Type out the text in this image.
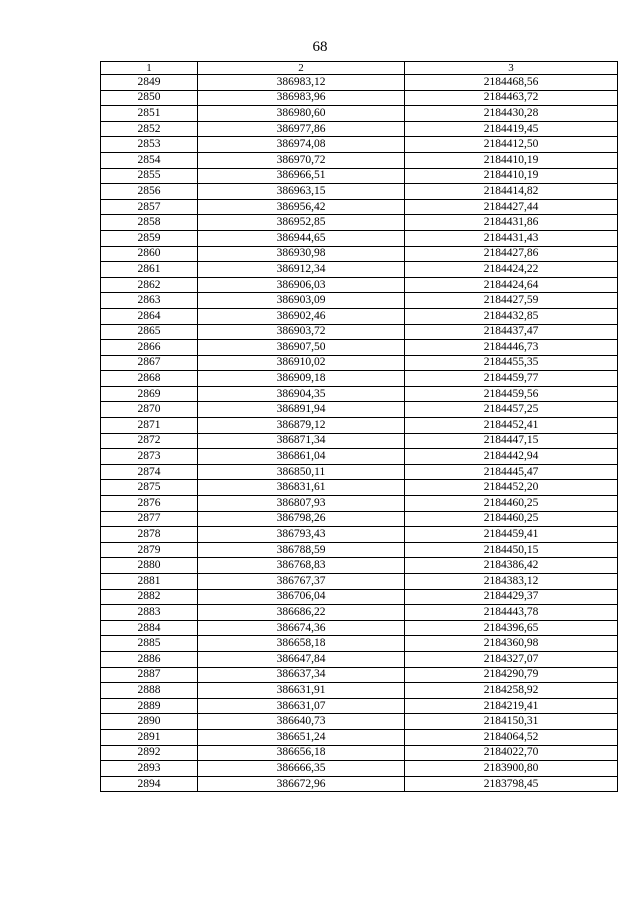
68
1	2	3
2849	386983,12	2184468,56
2850	386983,96	2184463,72
2851	386980,60	2184430,28
2852	386977,86	2184419,45
2853	386974,08	2184412,50
2854	386970,72	2184410,19
2855	386966,51	2184410,19
2856	386963,15	2184414,82
2857	386956,42	2184427,44
2858	386952,85	2184431,86
2859	386944,65	2184431,43
2860	386930,98	2184427,86
2861	386912,34	2184424,22
2862	386906,03	2184424,64
2863	386903,09	2184427,59
2864	386902,46	2184432,85
2865	386903,72	2184437,47
2866	386907,50	2184446,73
2867	386910,02	2184455,35
2868	386909,18	2184459,77
2869	386904,35	2184459,56
2870	386891,94	2184457,25
2871	386879,12	2184452,41
2872	386871,34	2184447,15
2873	386861,04	2184442,94
2874	386850,11	2184445,47
2875	386831,61	2184452,20
2876	386807,93	2184460,25
2877	386798,26	2184460,25
2878	386793,43	2184459,41
2879	386788,59	2184450,15
2880	386768,83	2184386,42
2881	386767,37	2184383,12
2882	386706,04	2184429,37
2883	386686,22	2184443,78
2884	386674,36	2184396,65
2885	386658,18	2184360,98
2886	386647,84	2184327,07
2887	386637,34	2184290,79
2888	386631,91	2184258,92
2889	386631,07	2184219,41
2890	386640,73	2184150,31
2891	386651,24	2184064,52
2892	386656,18	2184022,70
2893	386666,35	2183900,80
2894	386672,96	2183798,45
